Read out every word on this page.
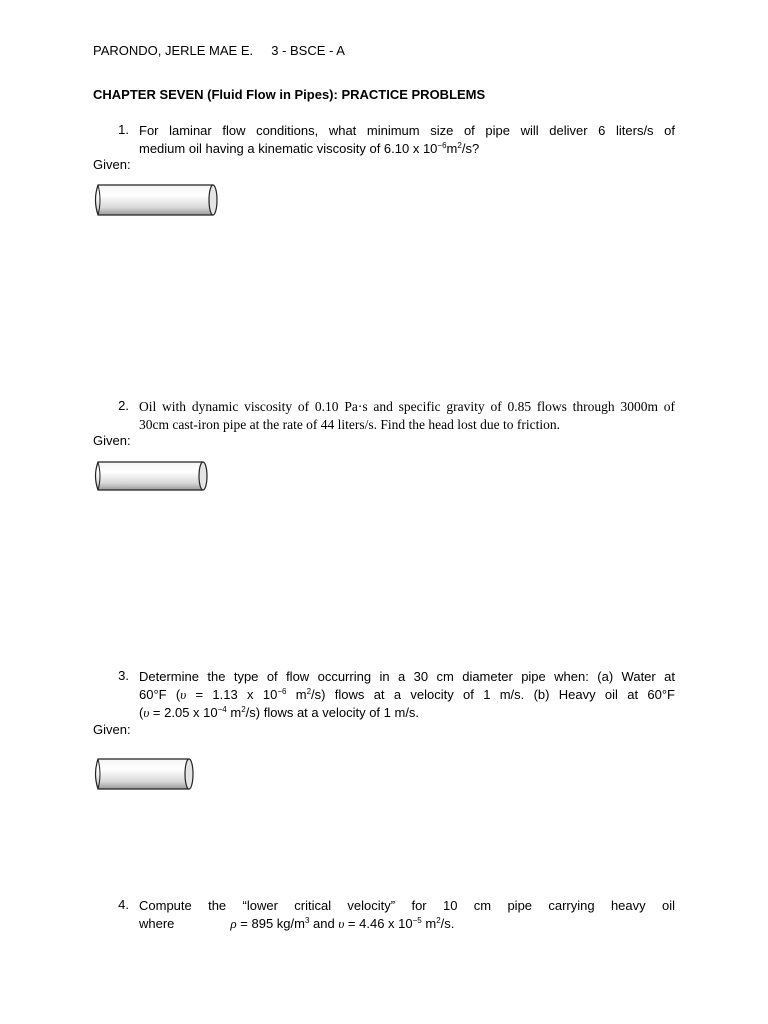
PARONDO, JERLE MAE E. 3 - BSCE - A
CHAPTER SEVEN (Fluid Flow in Pipes): PRACTICE PROBLEMS
1. For laminar flow conditions, what minimum size of pipe will deliver 6 liters/s of
medium oil having a kinematic viscosity of 6.10 x $10^{-6}m^2/s$?
Given:
2. Oil with dynamic viscosity of 0.10 Pa·s and specific gravity of 0.85 flows through 3000m of
30cm cast-iron pipe at the rate of 44 liters/s. Find the head lost due to friction.
Given:
3. Determine the type of flow occurring in a 30 cm diameter pipe when: (a) Water at
60°F (υ = 1.13 x $10^{-6}$ $m^2/s$) flows at a velocity of 1 m/s. (b) Heavy oil at 60°F
(υ = 2.05 x $10^{-4}$ $m^2/s$) flows at a velocity of 1 m/s.
Given:
4. Compute the “lower critical velocity” for 10 cm pipe carrying heavy oil
where	ρ = 895 $kg/m^3$ and υ = 4.46 x $10^{-5}$ $m^2/s$.
